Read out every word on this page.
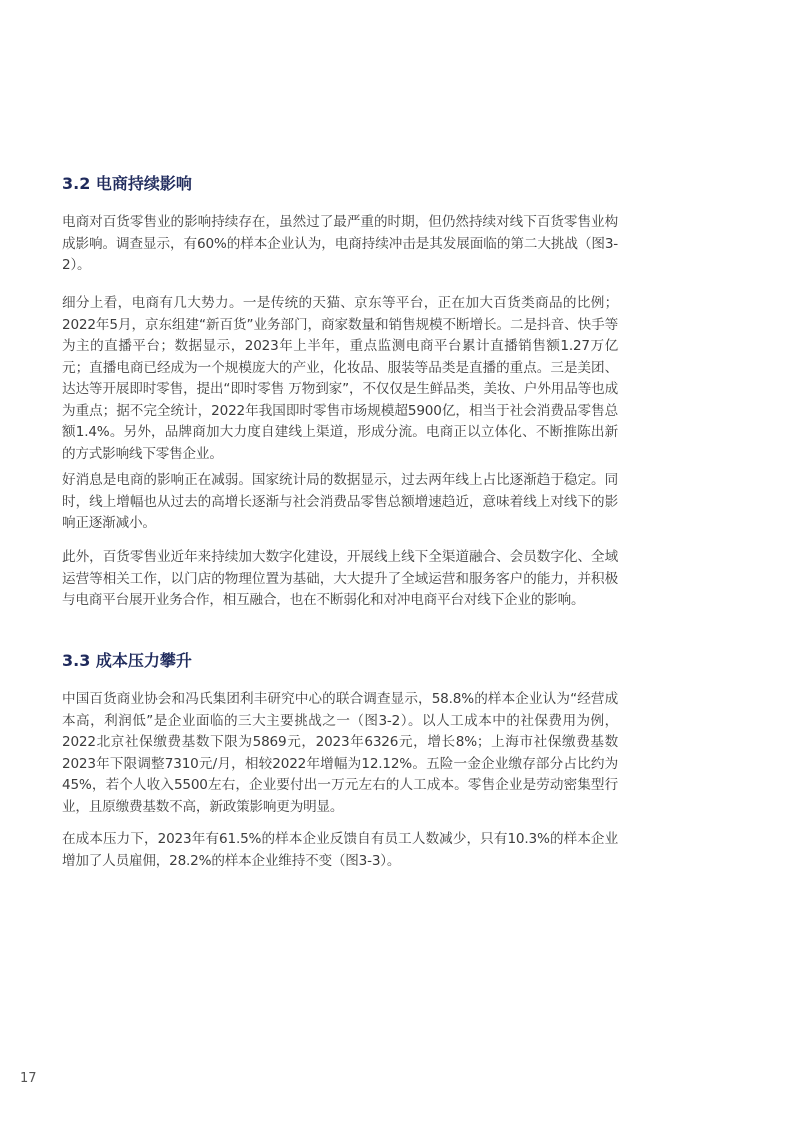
3.2 电商持续影响

电商对百货零售业的影响持续存在，虽然过了最严重的时期，但仍然持续对线下百货零售业构成影响。调查显示，有60%的样本企业认为，电商持续冲击是其发展面临的第二大挑战（图3-2）。

细分上看，电商有几大势力。一是传统的天猫、京东等平台，正在加大百货类商品的比例；2022年5月，京东组建“新百货”业务部门，商家数量和销售规模不断增长。二是抖音、快手等为主的直播平台；数据显示，2023年上半年，重点监测电商平台累计直播销售额1.27万亿元；直播电商已经成为一个规模庞大的产业，化妆品、服装等品类是直播的重点。三是美团、达达等开展即时零售，提出“即时零售 万物到家”，不仅仅是生鲜品类，美妆、户外用品等也成为重点；据不完全统计，2022年我国即时零售市场规模超5900亿，相当于社会消费品零售总额1.4%。另外，品牌商加大力度自建线上渠道，形成分流。电商正以立体化、不断推陈出新的方式影响线下零售企业。

好消息是电商的影响正在减弱。国家统计局的数据显示，过去两年线上占比逐渐趋于稳定。同时，线上增幅也从过去的高增长逐渐与社会消费品零售总额增速趋近，意味着线上对线下的影响正逐渐减小。

此外，百货零售业近年来持续加大数字化建设，开展线上线下全渠道融合、会员数字化、全域运营等相关工作，以门店的物理位置为基础，大大提升了全域运营和服务客户的能力，并积极与电商平台展开业务合作，相互融合，也在不断弱化和对冲电商平台对线下企业的影响。

3.3 成本压力攀升

中国百货商业协会和冯氏集团利丰研究中心的联合调查显示，58.8%的样本企业认为“经营成本高，利润低”是企业面临的三大主要挑战之一（图3-2）。以人工成本中的社保费用为例，2022北京社保缴费基数下限为5869元，2023年6326元，增长8%；上海市社保缴费基数2023年下限调整7310元/月，相较2022年增幅为12.12%。五险一金企业缴存部分占比约为45%，若个人收入5500左右，企业要付出一万元左右的人工成本。零售企业是劳动密集型行业，且原缴费基数不高，新政策影响更为明显。

在成本压力下，2023年有61.5%的样本企业反馈自有员工人数减少，只有10.3%的样本企业增加了人员雇佣，28.2%的样本企业维持不变（图3-3）。

17
